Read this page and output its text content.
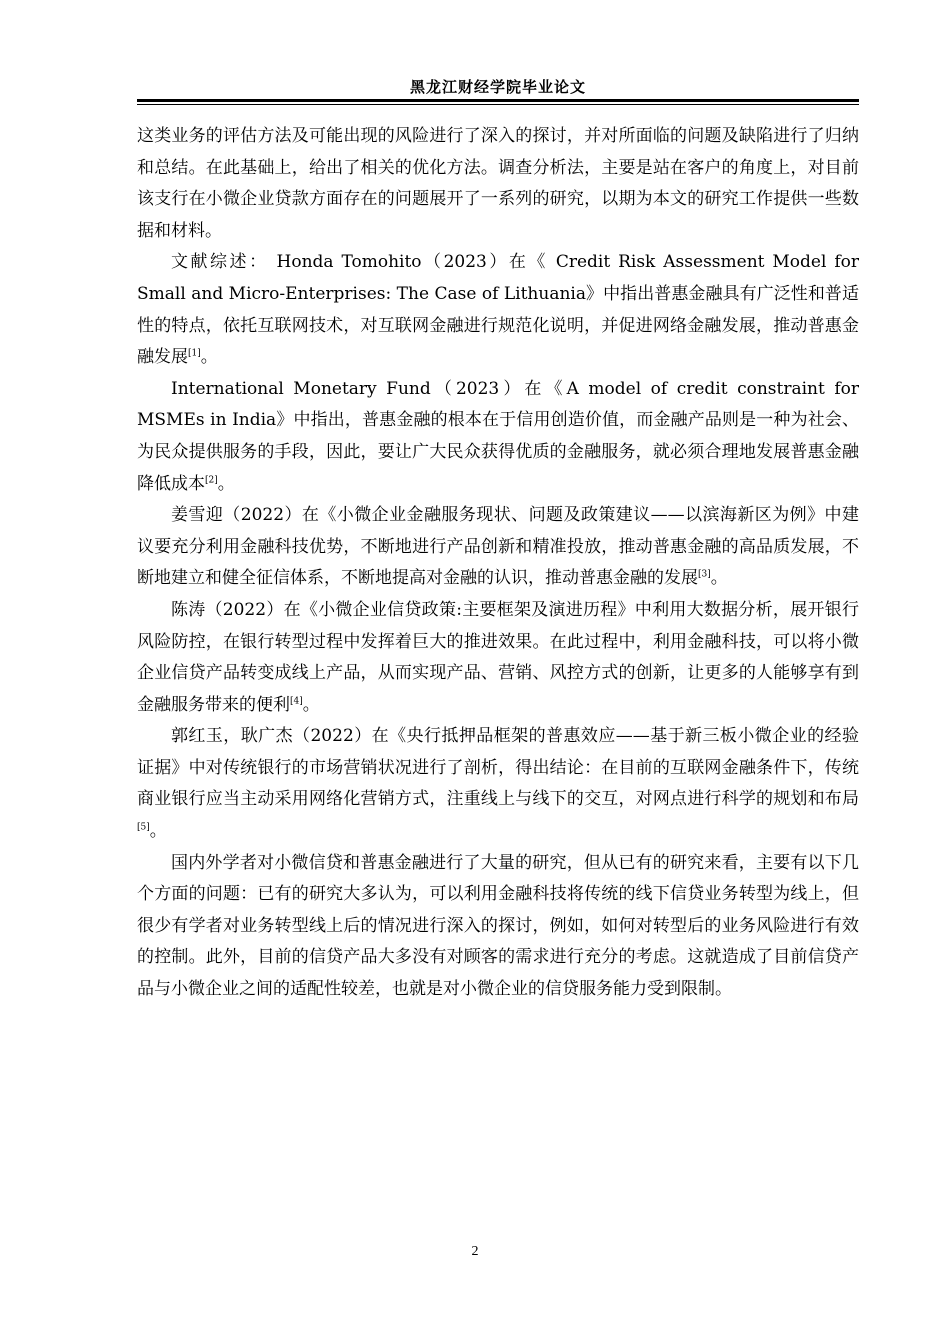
黑龙江财经学院毕业论文

这类业务的评估方法及可能出现的风险进行了深入的探讨，并对所面临的问题及缺陷进行了归纳和总结。在此基础上，给出了相关的优化方法。调查分析法，主要是站在客户的角度上，对目前该支行在小微企业贷款方面存在的问题展开了一系列的研究，以期为本文的研究工作提供一些数据和材料。

文献综述： Honda Tomohito（2023）在《 Credit Risk Assessment Model for Small and Micro-Enterprises: The Case of Lithuania》中指出普惠金融具有广泛性和普适性的特点，依托互联网技术，对互联网金融进行规范化说明，并促进网络金融发展，推动普惠金融发展[1]。

International Monetary Fund（2023）在《A model of credit constraint for MSMEs in India》中指出，普惠金融的根本在于信用创造价值，而金融产品则是一种为社会、为民众提供服务的手段，因此，要让广大民众获得优质的金融服务，就必须合理地发展普惠金融降低成本[2]。

姜雪迎（2022）在《小微企业金融服务现状、问题及政策建议——以滨海新区为例》中建议要充分利用金融科技优势，不断地进行产品创新和精准投放，推动普惠金融的高品质发展，不断地建立和健全征信体系，不断地提高对金融的认识，推动普惠金融的发展[3]。

陈涛（2022）在《小微企业信贷政策:主要框架及演进历程》中利用大数据分析，展开银行风险防控，在银行转型过程中发挥着巨大的推进效果。在此过程中，利用金融科技，可以将小微企业信贷产品转变成线上产品，从而实现产品、营销、风控方式的创新，让更多的人能够享有到金融服务带来的便利[4]。

郭红玉，耿广杰（2022）在《央行抵押品框架的普惠效应——基于新三板小微企业的经验证据》中对传统银行的市场营销状况进行了剖析，得出结论：在目前的互联网金融条件下，传统商业银行应当主动采用网络化营销方式，注重线上与线下的交互，对网点进行科学的规划和布局[5]。

国内外学者对小微信贷和普惠金融进行了大量的研究，但从已有的研究来看，主要有以下几个方面的问题：已有的研究大多认为，可以利用金融科技将传统的线下信贷业务转型为线上，但很少有学者对业务转型线上后的情况进行深入的探讨，例如，如何对转型后的业务风险进行有效的控制。此外，目前的信贷产品大多没有对顾客的需求进行充分的考虑。这就造成了目前信贷产品与小微企业之间的适配性较差，也就是对小微企业的信贷服务能力受到限制。

2
